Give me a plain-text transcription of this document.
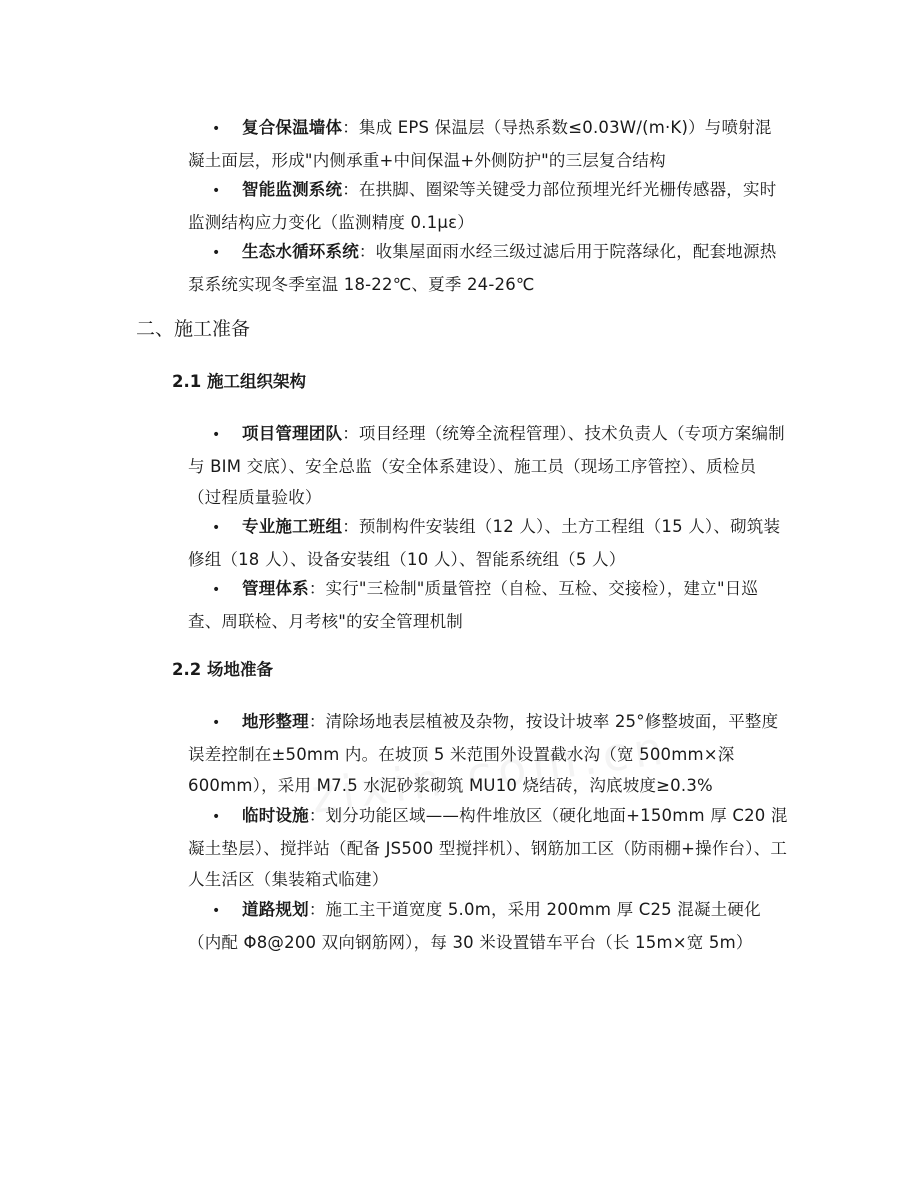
• 复合保温墙体：集成 EPS 保温层（导热系数≤0.03W/(m·K)）与喷射混凝土面层，形成"内侧承重+中间保温+外侧防护"的三层复合结构
• 智能监测系统：在拱脚、圈梁等关键受力部位预埋光纤光栅传感器，实时监测结构应力变化（监测精度 0.1με）
• 生态水循环系统：收集屋面雨水经三级过滤后用于院落绿化，配套地源热泵系统实现冬季室温 18-22℃、夏季 24-26℃
二、施工准备
2.1 施工组织架构
• 项目管理团队：项目经理（统筹全流程管理）、技术负责人（专项方案编制与 BIM 交底）、安全总监（安全体系建设）、施工员（现场工序管控）、质检员（过程质量验收）
• 专业施工班组：预制构件安装组（12 人）、土方工程组（15 人）、砌筑装修组（18 人）、设备安装组（10 人）、智能系统组（5 人）
• 管理体系：实行"三检制"质量管控（自检、互检、交接检），建立"日巡查、周联检、月考核"的安全管理机制
2.2 场地准备
• 地形整理：清除场地表层植被及杂物，按设计坡率 25°修整坡面，平整度误差控制在±50mm 内。在坡顶 5 米范围外设置截水沟（宽 500mm×深 600mm），采用 M7.5 水泥砂浆砌筑 MU10 烧结砖，沟底坡度≥0.3%
• 临时设施：划分功能区域——构件堆放区（硬化地面+150mm 厚 C20 混凝土垫层）、搅拌站（配备 JS500 型搅拌机）、钢筋加工区（防雨棚+操作台）、工人生活区（集装箱式临建）
• 道路规划：施工主干道宽度 5.0m，采用 200mm 厚 C25 混凝土硬化（内配 Φ8@200 双向钢筋网），每 30 米设置错车平台（长 15m×宽 5m）
